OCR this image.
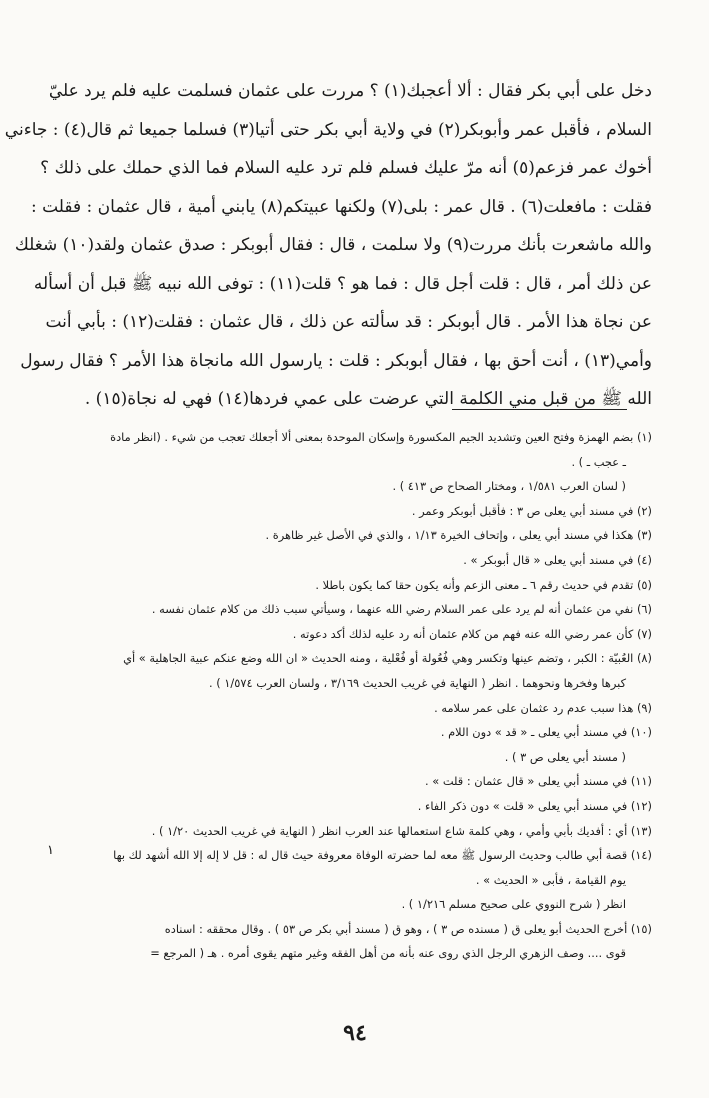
دخل على أبي بكر فقال : ألا أعجبك(١) ؟ مررت على عثمان فسلمت عليه فلم يرد عليّ
السلام ، فأقبل عمر وأبوبكر(٢) في ولاية أبي بكر حتى أتيا(٣) فسلما جميعا ثم قال(٤) : جاءني
أخوك عمر فزعم(٥) أنه مرّ عليك فسلم فلم ترد عليه السلام فما الذي حملك على ذلك ؟
فقلت : مافعلت(٦) . قال عمر : بلى(٧) ولكنها عبيتكم(٨) يابني أمية ، قال عثمان : فقلت :
والله ماشعرت بأنك مررت(٩) ولا سلمت ، قال : فقال أبوبكر : صدق عثمان ولقد(١٠) شغلك
عن ذلك أمر ، قال : قلت أجل قال : فما هو ؟ قلت(١١) : توفى الله نبيه ﷺ قبل أن أسأله
عن نجاة هذا الأمر . قال أبوبكر : قد سألته عن ذلك ، قال عثمان : فقلت(١٢) : بأبي أنت
وأمي(١٣) ، أنت أحق بها ، فقال أبوبكر : قلت : يارسول الله مانجاة هذا الأمر ؟ فقال رسول
الله ﷺ من قبل مني الكلمة التي عرضت على عمي فردها(١٤) فهي له نجاة(١٥) .
(١) بضم الهمزة وفتح العين وتشديد الجيم المكسورة وإسكان الموحدة بمعنى ألا أجعلك تعجب من شيء . (انظر مادة
ـ عجب ـ ) .
( لسان العرب ١/٥٨١ ، ومختار الصحاح ص ٤١٣ ) .
(٢) في مسند أبي يعلى ص ٣ : فأقبل أبوبكر وعمر .
(٣) هكذا في مسند أبي يعلى ، وإتحاف الخيرة ١/١٣ ، والذي في الأصل غير ظاهرة .
(٤) في مسند أبي يعلى « قال أبوبكر » .
(٥) تقدم في حديث رقم ٦ ـ معنى الزعم وأنه يكون حقا كما يكون باطلا .
(٦) نفي من عثمان أنه لم يرد على عمر السلام رضي الله عنهما ، وسيأتي سبب ذلك من كلام عثمان نفسه .
(٧) كأن عمر رضي الله عنه فهم من كلام عثمان أنه رد عليه لذلك أكد دعوته .
(٨) العُبيّة : الكبر ، وتضم عينها وتكسر وهي فُعُولة أو فُعْلية ، ومنه الحديث « ان الله وضع عنكم عبية الجاهلية » أي
كبرها وفخرها ونحوهما . انظر ( النهاية في غريب الحديث ٣/١٦٩ ، ولسان العرب ١/٥٧٤ ) .
(٩) هذا سبب عدم رد عثمان على عمر سلامه .
(١٠) في مسند أبي يعلى ـ « قد » دون اللام .
( مسند أبي يعلى ص ٣ ) .
(١١) في مسند أبي يعلى « قال عثمان : قلت » .
(١٢) في مسند أبي يعلى « قلت » دون ذكر الفاء .
(١٣) أي : أفديك بأبي وأمي ، وهي كلمة شاع استعمالها عند العرب انظر ( النهاية في غريب الحديث ١/٢٠ ) .
(١٤) قصة أبي طالب وحديث الرسول ﷺ معه لما حضرته الوفاة معروفة حيث قال له : قل لا إله إلا الله أشهد لك بها
يوم القيامة ، فأبى « الحديث » .
انظر ( شرح النووي على صحيح مسلم ١/٢١٦ ) .
(١٥) أخرج الحديث أبو يعلى ق ( مسنده ص ٣ ) ، وهو ق ( مسند أبي بكر ص ٥٣ ) . وقال محققه : اسناده
قوى .... وصف الزهري الرجل الذي روى عنه بأنه من أهل الفقه وغير متهم يقوى أمره . هـ ( المرجع =
١
٩٤
